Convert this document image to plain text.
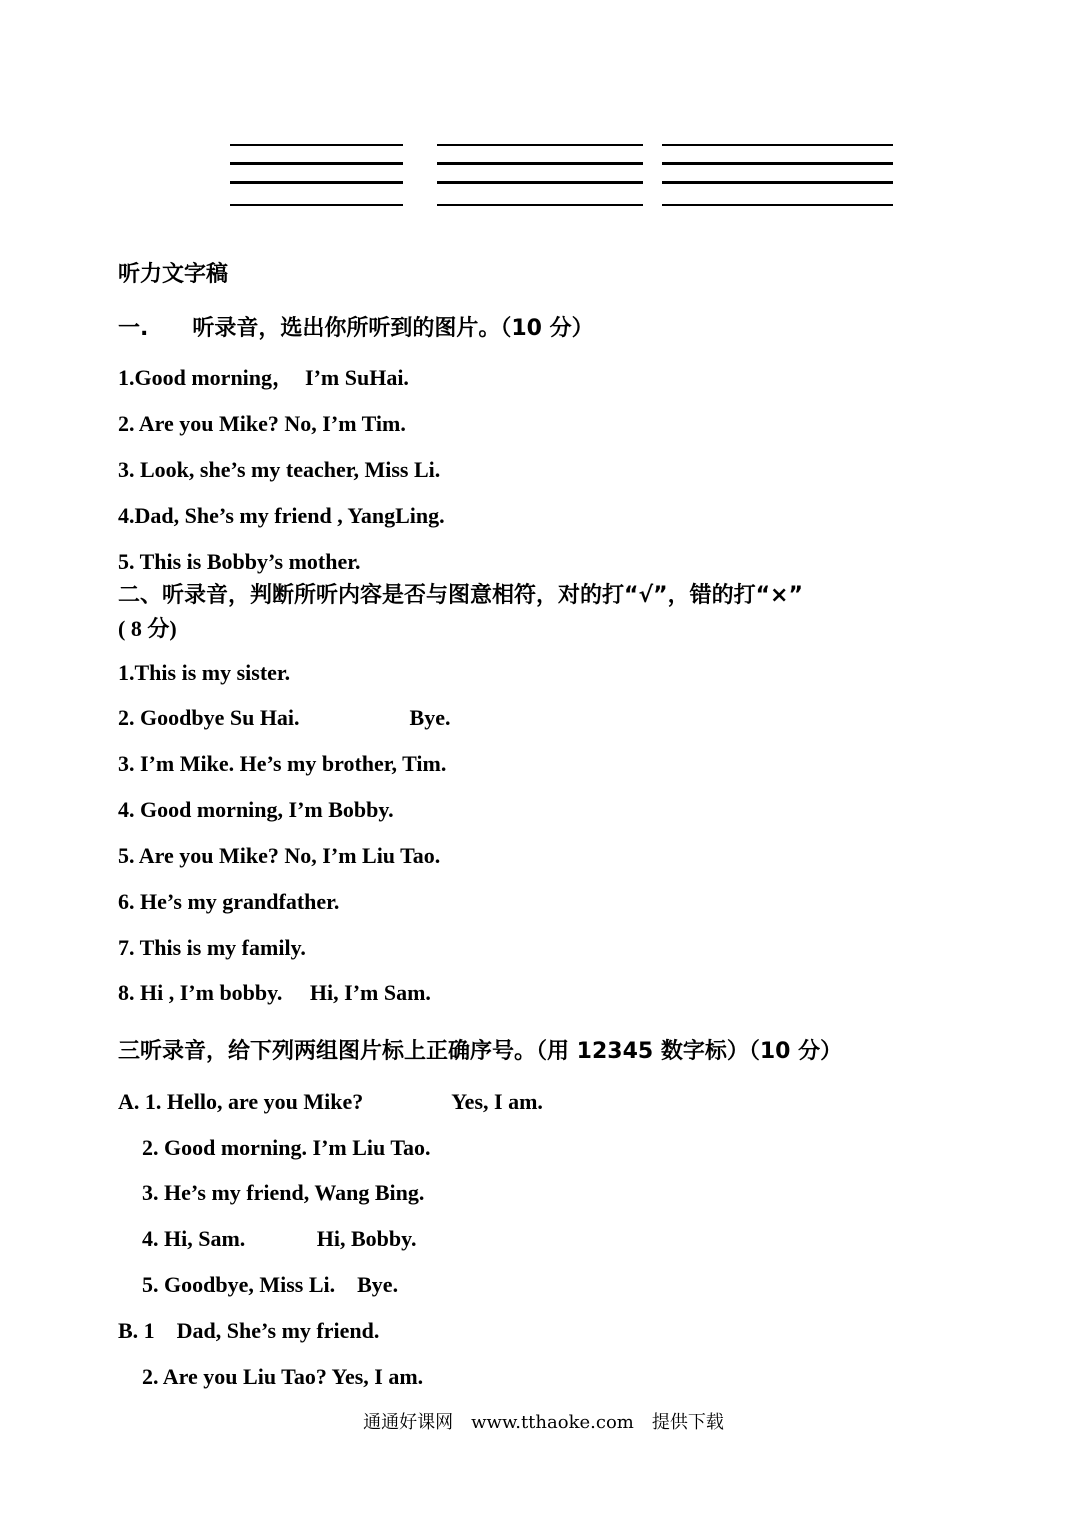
听力文字稿
一.　　听录音，选出你所听到的图片。（10 分）
1.Good morning，　I’m SuHai.
2. Are you Mike? No, I’m Tim.
3. Look, she’s my teacher, Miss Li.
4.Dad, She’s my friend , YangLing.
5. This is Bobby’s mother.
二、听录音，判断所听内容是否与图意相符，对的打“√”，错的打“×”
( 8 分)
1.This is my sister.
2. Goodbye Su Hai.　　　　　Bye.
3. I’m Mike. He’s my brother, Tim.
4. Good morning, I’m Bobby.
5. Are you Mike? No, I’m Liu Tao.
6. He’s my grandfather.
7. This is my family.
8. Hi , I’m bobby.　 Hi, I’m Sam.
三听录音，给下列两组图片标上正确序号。（用 12345 数字标）（10 分）
A. 1. Hello, are you Mike?　　　　Yes, I am.
2. Good morning. I’m Liu Tao.
3. He’s my friend, Wang Bing.
4. Hi, Sam.　　　 Hi, Bobby.
5. Goodbye, Miss Li.　Bye.
B. 1　Dad, She’s my friend.
2. Are you Liu Tao? Yes, I am.
通通好课网　www.tthaoke.com　提供下载
